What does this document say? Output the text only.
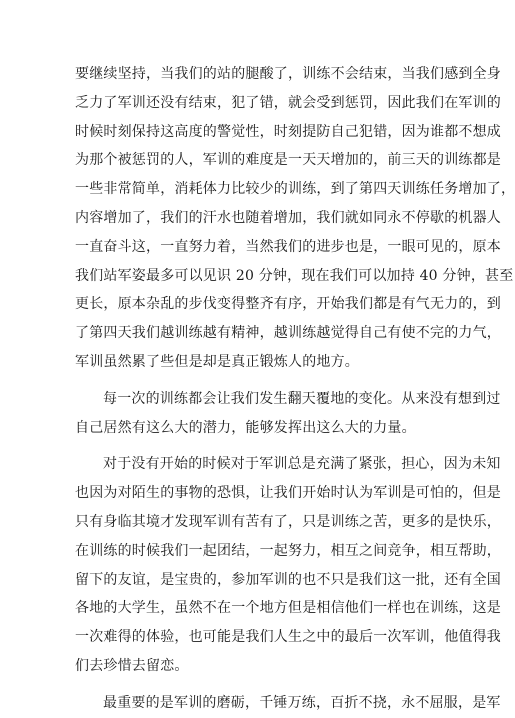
要继续坚持，当我们的站的腿酸了，训练不会结束，当我们感到全身
乏力了军训还没有结束，犯了错，就会受到惩罚，因此我们在军训的
时候时刻保持这高度的警觉性，时刻提防自己犯错，因为谁都不想成
为那个被惩罚的人，军训的难度是一天天增加的，前三天的训练都是
一些非常简单，消耗体力比较少的训练，到了第四天训练任务增加了，
内容增加了，我们的汗水也随着增加，我们就如同永不停歇的机器人
一直奋斗这，一直努力着，当然我们的进步也是，一眼可见的，原本
我们站军姿最多可以见识 20 分钟，现在我们可以加持 40 分钟，甚至
更长，原本杂乱的步伐变得整齐有序，开始我们都是有气无力的，到
了第四天我们越训练越有精神，越训练越觉得自己有使不完的力气，
军训虽然累了些但是却是真正锻炼人的地方。
每一次的训练都会让我们发生翻天覆地的变化。从来没有想到过
自己居然有这么大的潜力，能够发挥出这么大的力量。
对于没有开始的时候对于军训总是充满了紧张，担心，因为未知
也因为对陌生的事物的恐惧，让我们开始时认为军训是可怕的，但是
只有身临其境才发现军训有苦有了，只是训练之苦，更多的是快乐，
在训练的时候我们一起团结，一起努力，相互之间竞争，相互帮助，
留下的友谊，是宝贵的，参加军训的也不只是我们这一批，还有全国
各地的大学生，虽然不在一个地方但是相信他们一样也在训练，这是
一次难得的体验，也可能是我们人生之中的最后一次军训，他值得我
们去珍惜去留恋。
最重要的是军训的磨砺，千锤万练，百折不挠，永不屈服，是军
